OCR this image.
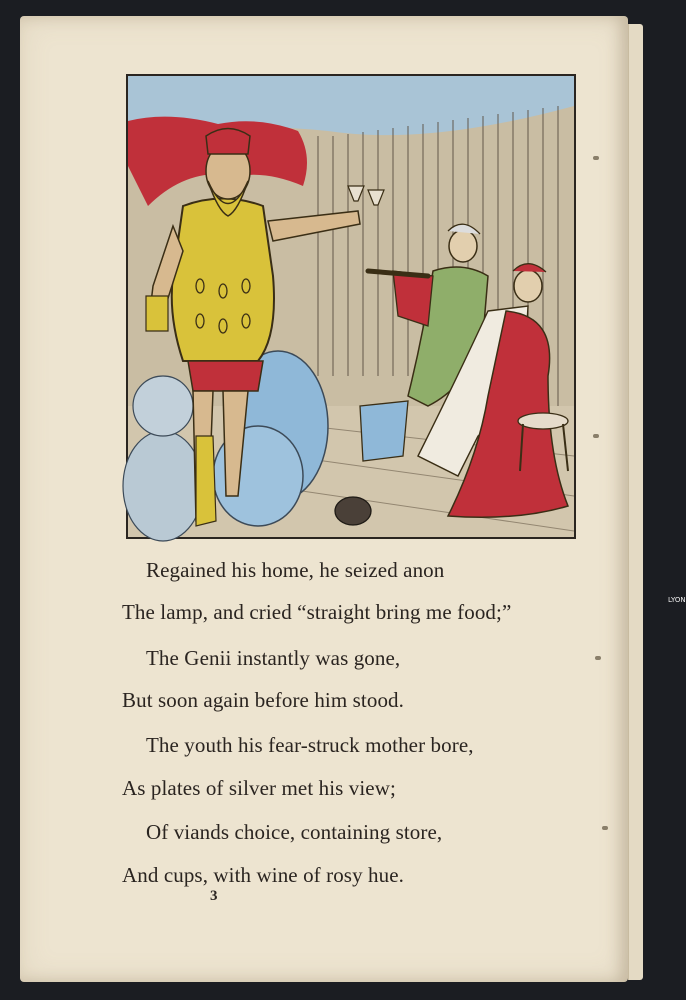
LYON
Regained his home, he seized anon
The lamp, and cried “straight bring me food;”
The Genii instantly was gone,
But soon again before him stood.
The youth his fear-struck mother bore,
As plates of silver met his view;
Of viands choice, containing store,
And cups, with wine of rosy hue.
3
